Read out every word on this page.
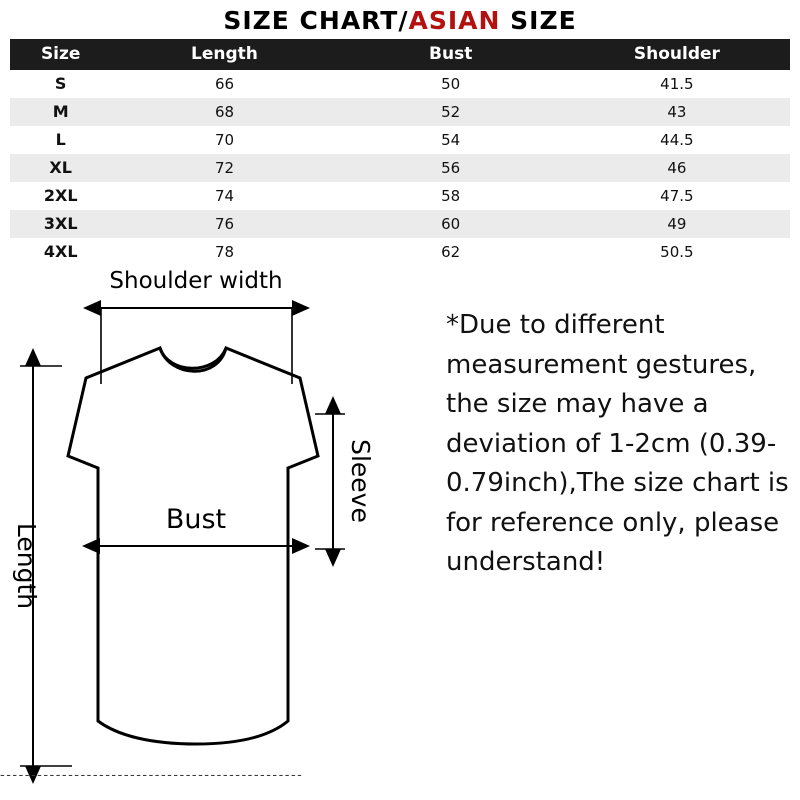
SIZE CHART/ASIAN SIZE
Size	Length	Bust	Shoulder
S	66	50	41.5
M	68	52	43
L	70	54	44.5
XL	72	56	46
2XL	74	58	47.5
3XL	76	60	49
4XL	78	62	50.5
Shoulder width
Bust	Sleeve
Length

*Due to different measurement gestures, the size may have a deviation of 1-2cm (0.39-0.79inch),The size chart is for reference only, please understand!

-------------------------------------------------
